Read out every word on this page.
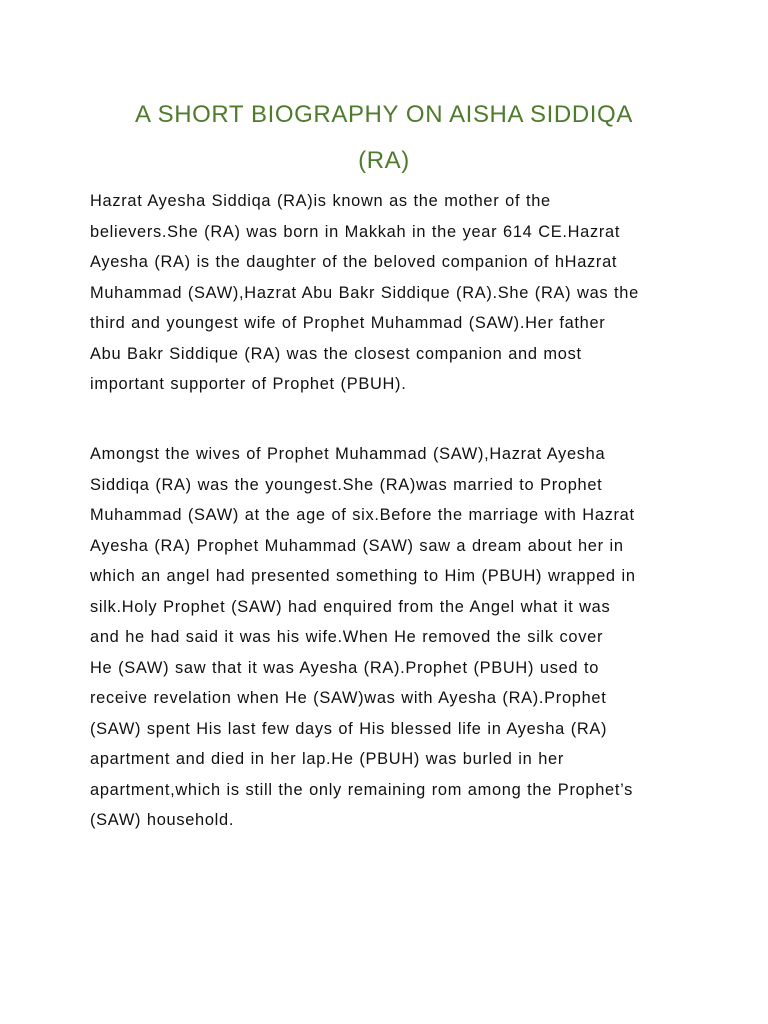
A SHORT BIOGRAPHY ON AISHA SIDDIQA
(RA)

Hazrat Ayesha Siddiqa (RA)is known as the mother of the
believers.She (RA) was born in Makkah in the year 614 CE.Hazrat
Ayesha (RA) is the daughter of the beloved companion of hHazrat
Muhammad (SAW),Hazrat Abu Bakr Siddique (RA).She (RA) was the
third and youngest wife of Prophet Muhammad (SAW).Her father
Abu Bakr Siddique (RA) was the closest companion and most
important supporter of Prophet (PBUH).

Amongst the wives of Prophet Muhammad (SAW),Hazrat Ayesha
Siddiqa (RA) was the youngest.She (RA)was married to Prophet
Muhammad (SAW) at the age of six.Before the marriage with Hazrat
Ayesha (RA) Prophet Muhammad (SAW) saw a dream about her in
which an angel had presented something to Him (PBUH) wrapped in
silk.Holy Prophet (SAW) had enquired from the Angel what it was
and he had said it was his wife.When He removed the silk cover
He (SAW) saw that it was Ayesha (RA).Prophet (PBUH) used to
receive revelation when He (SAW)was with Ayesha (RA).Prophet
(SAW) spent His last few days of His blessed life in Ayesha (RA)
apartment and died in her lap.He (PBUH) was burled in her
apartment,which is still the only remaining rom among the Prophet’s
(SAW) household.
